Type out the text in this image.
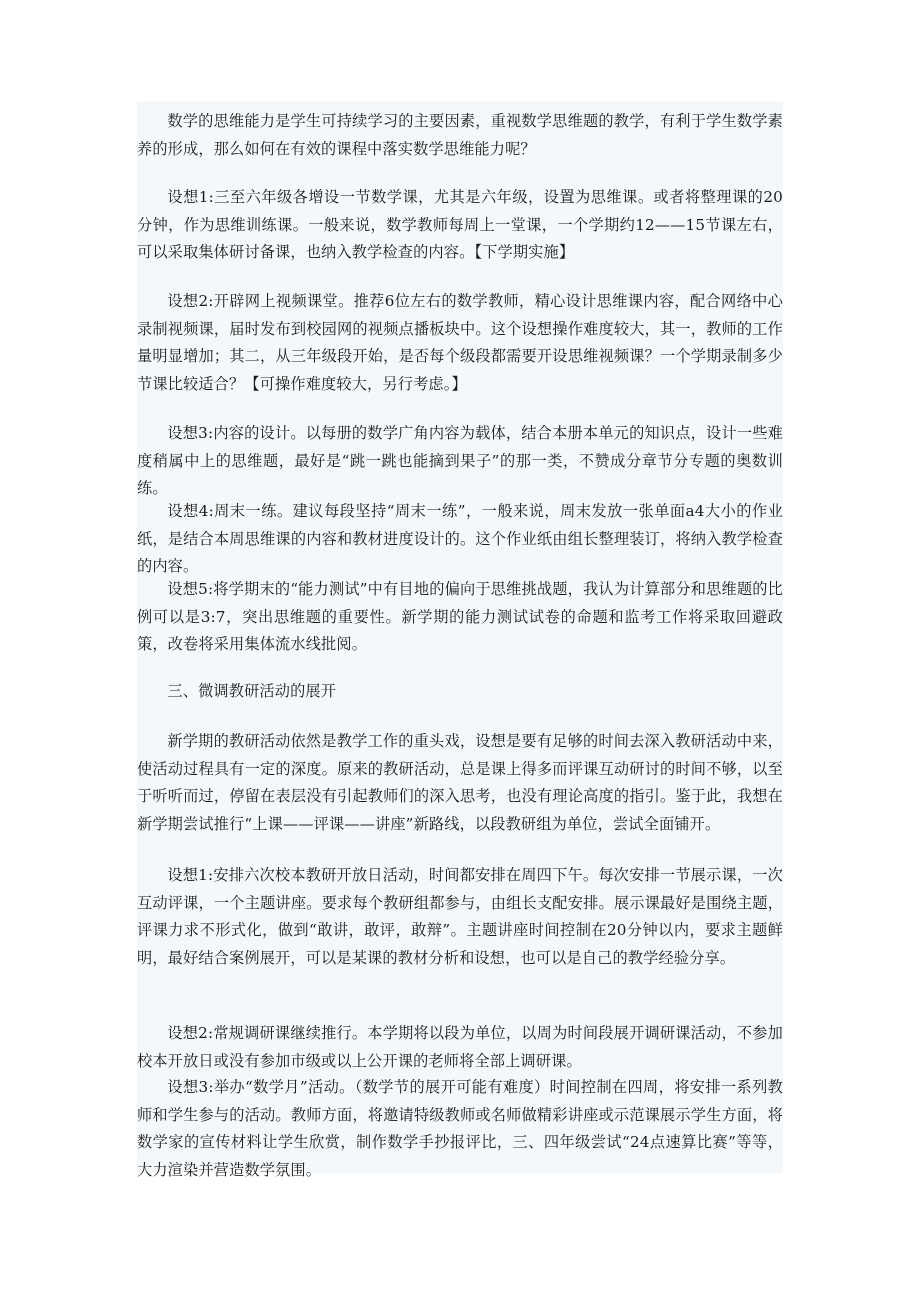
数学的思维能力是学生可持续学习的主要因素，重视数学思维题的教学，有利于学生数学素养的形成，那么如何在有效的课程中落实数学思维能力呢？

设想1:三至六年级各增设一节数学课，尤其是六年级，设置为思维课。或者将整理课的20分钟，作为思维训练课。一般来说，数学教师每周上一堂课，一个学期约12——15节课左右，可以采取集体研讨备课，也纳入教学检查的内容。【下学期实施】

设想2:开辟网上视频课堂。推荐6位左右的数学教师，精心设计思维课内容，配合网络中心录制视频课，届时发布到校园网的视频点播板块中。这个设想操作难度较大，其一，教师的工作量明显增加；其二，从三年级段开始，是否每个级段都需要开设思维视频课？一个学期录制多少节课比较适合？【可操作难度较大，另行考虑。】

设想3:内容的设计。以每册的数学广角内容为载体，结合本册本单元的知识点，设计一些难度稍属中上的思维题，最好是“跳一跳也能摘到果子”的那一类，不赞成分章节分专题的奥数训练。

设想4:周末一练。建议每段坚持“周末一练”，一般来说，周末发放一张单面a4大小的作业纸，是结合本周思维课的内容和教材进度设计的。这个作业纸由组长整理装订，将纳入教学检查的内容。

设想5:将学期末的“能力测试”中有目地的偏向于思维挑战题，我认为计算部分和思维题的比例可以是3:7，突出思维题的重要性。新学期的能力测试试卷的命题和监考工作将采取回避政策，改卷将采用集体流水线批阅。

三、微调教研活动的展开

新学期的教研活动依然是教学工作的重头戏，设想是要有足够的时间去深入教研活动中来，使活动过程具有一定的深度。原来的教研活动，总是课上得多而评课互动研讨的时间不够，以至于听听而过，停留在表层没有引起教师们的深入思考，也没有理论高度的指引。鉴于此，我想在新学期尝试推行“上课——评课——讲座”新路线，以段教研组为单位，尝试全面铺开。

设想1:安排六次校本教研开放日活动，时间都安排在周四下午。每次安排一节展示课，一次互动评课，一个主题讲座。要求每个教研组都参与，由组长支配安排。展示课最好是围绕主题，评课力求不形式化，做到“敢讲，敢评，敢辩”。主题讲座时间控制在20分钟以内，要求主题鲜明，最好结合案例展开，可以是某课的教材分析和设想，也可以是自己的教学经验分享。

设想2:常规调研课继续推行。本学期将以段为单位，以周为时间段展开调研课活动，不参加校本开放日或没有参加市级或以上公开课的老师将全部上调研课。

设想3:举办“数学月”活动。（数学节的展开可能有难度）时间控制在四周，将安排一系列教师和学生参与的活动。教师方面，将邀请特级教师或名师做精彩讲座或示范课展示学生方面，将数学家的宣传材料让学生欣赏，制作数学手抄报评比，三、四年级尝试“24点速算比赛”等等，大力渲染并营造数学氛围。
